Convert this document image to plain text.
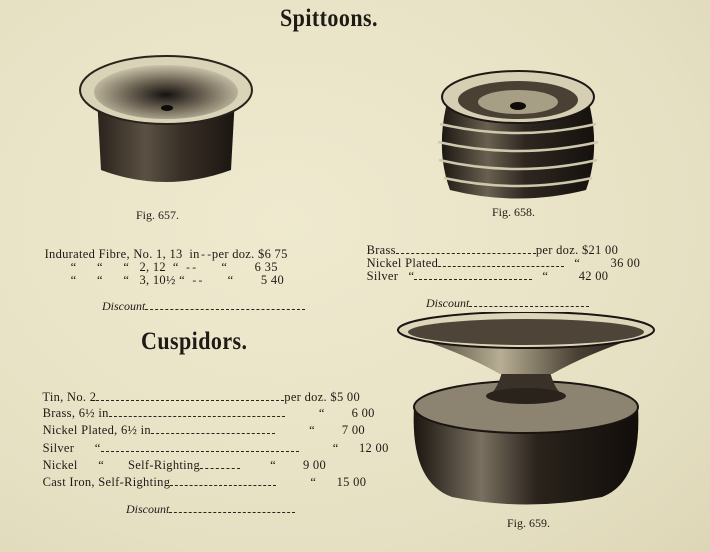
Spittoons.
Cuspidors.
Fig. 657.	Fig. 658.

Indurated Fibre, No. 1, 13  in--per doz. $6 75

“      “      “   2, 12  “ --    “ 6 35

“      “      “   3, 10½ “ --    “ 5 40

Discount

Brass	per doz. $21 00

Nickel Plated	“ 36 00

Silver   “	“ 42 00

Discount

Tin, No. 2	per doz. $5 00

Brass, 6½ in	“ 6 00

Nickel Plated, 6½ in	“ 7 00

Silver      “	“ 12 00

Nickel      “       Self-Righting	“ 9 00

Cast Iron, Self-Righting	“ 15 00

Discount

Fig. 659.
